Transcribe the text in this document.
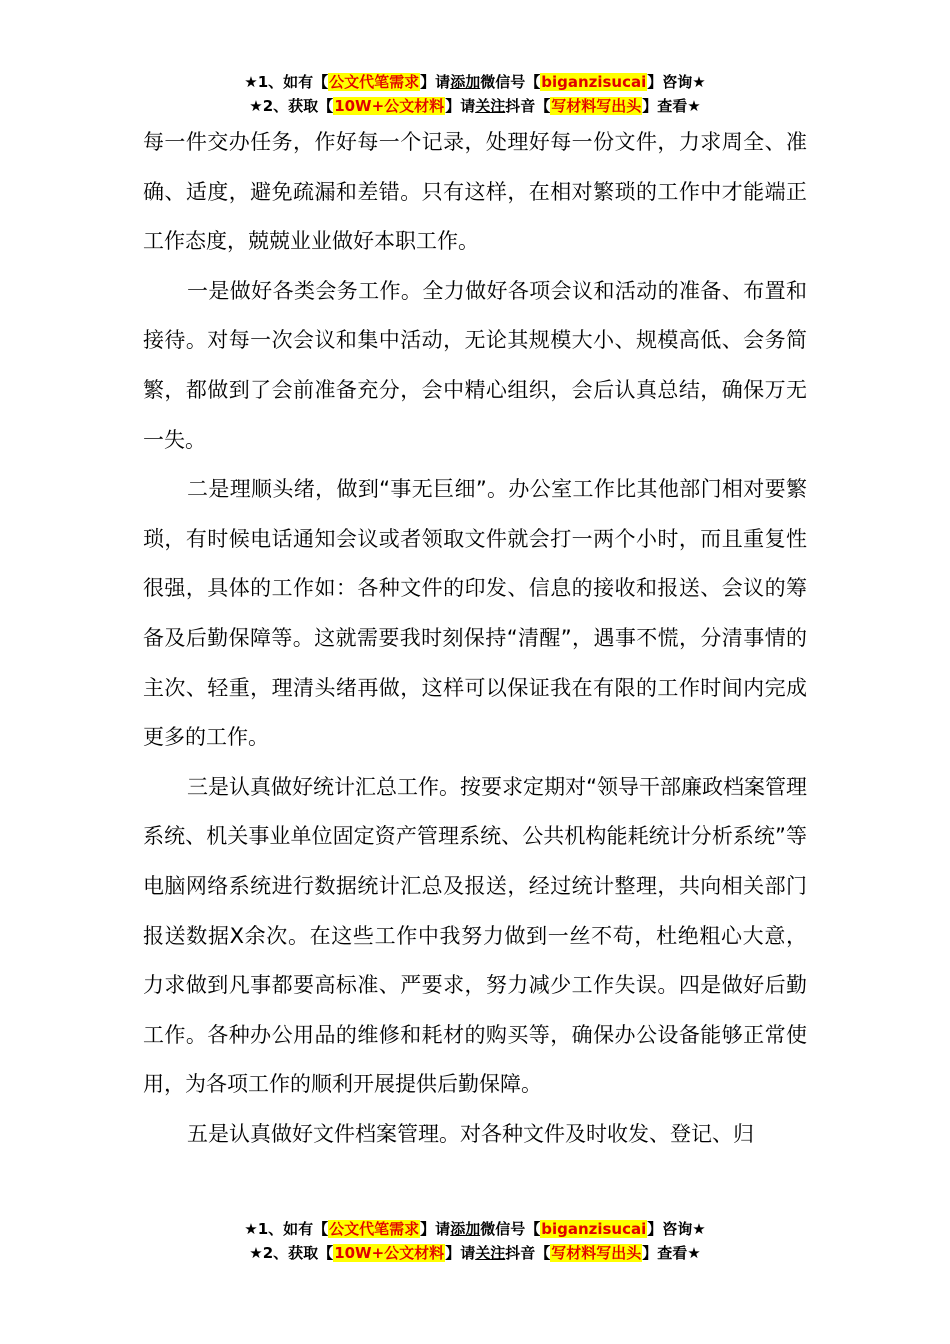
★1、如有【公文代笔需求】请添加微信号【biganzisucai】咨询★
★2、获取【10W+公文材料】请关注抖音【写材料写出头】查看★

每一件交办任务，作好每一个记录，处理好每一份文件，力求周全、准确、适度，避免疏漏和差错。只有这样，在相对繁琐的工作中才能端正工作态度，兢兢业业做好本职工作。

一是做好各类会务工作。全力做好各项会议和活动的准备、布置和接待。对每一次会议和集中活动，无论其规模大小、规模高低、会务简繁，都做到了会前准备充分，会中精心组织，会后认真总结，确保万无一失。

二是理顺头绪，做到“事无巨细”。办公室工作比其他部门相对要繁琐，有时候电话通知会议或者领取文件就会打一两个小时，而且重复性很强，具体的工作如：各种文件的印发、信息的接收和报送、会议的筹备及后勤保障等。这就需要我时刻保持“清醒”，遇事不慌，分清事情的主次、轻重，理清头绪再做，这样可以保证我在有限的工作时间内完成更多的工作。

三是认真做好统计汇总工作。按要求定期对“领导干部廉政档案管理系统、机关事业单位固定资产管理系统、公共机构能耗统计分析系统”等电脑网络系统进行数据统计汇总及报送，经过统计整理，共向相关部门报送数据X余次。在这些工作中我努力做到一丝不苟，杜绝粗心大意，力求做到凡事都要高标准、严要求，努力减少工作失误。四是做好后勤工作。各种办公用品的维修和耗材的购买等，确保办公设备能够正常使用，为各项工作的顺利开展提供后勤保障。

五是认真做好文件档案管理。对各种文件及时收发、登记、归

★1、如有【公文代笔需求】请添加微信号【biganzisucai】咨询★
★2、获取【10W+公文材料】请关注抖音【写材料写出头】查看★
